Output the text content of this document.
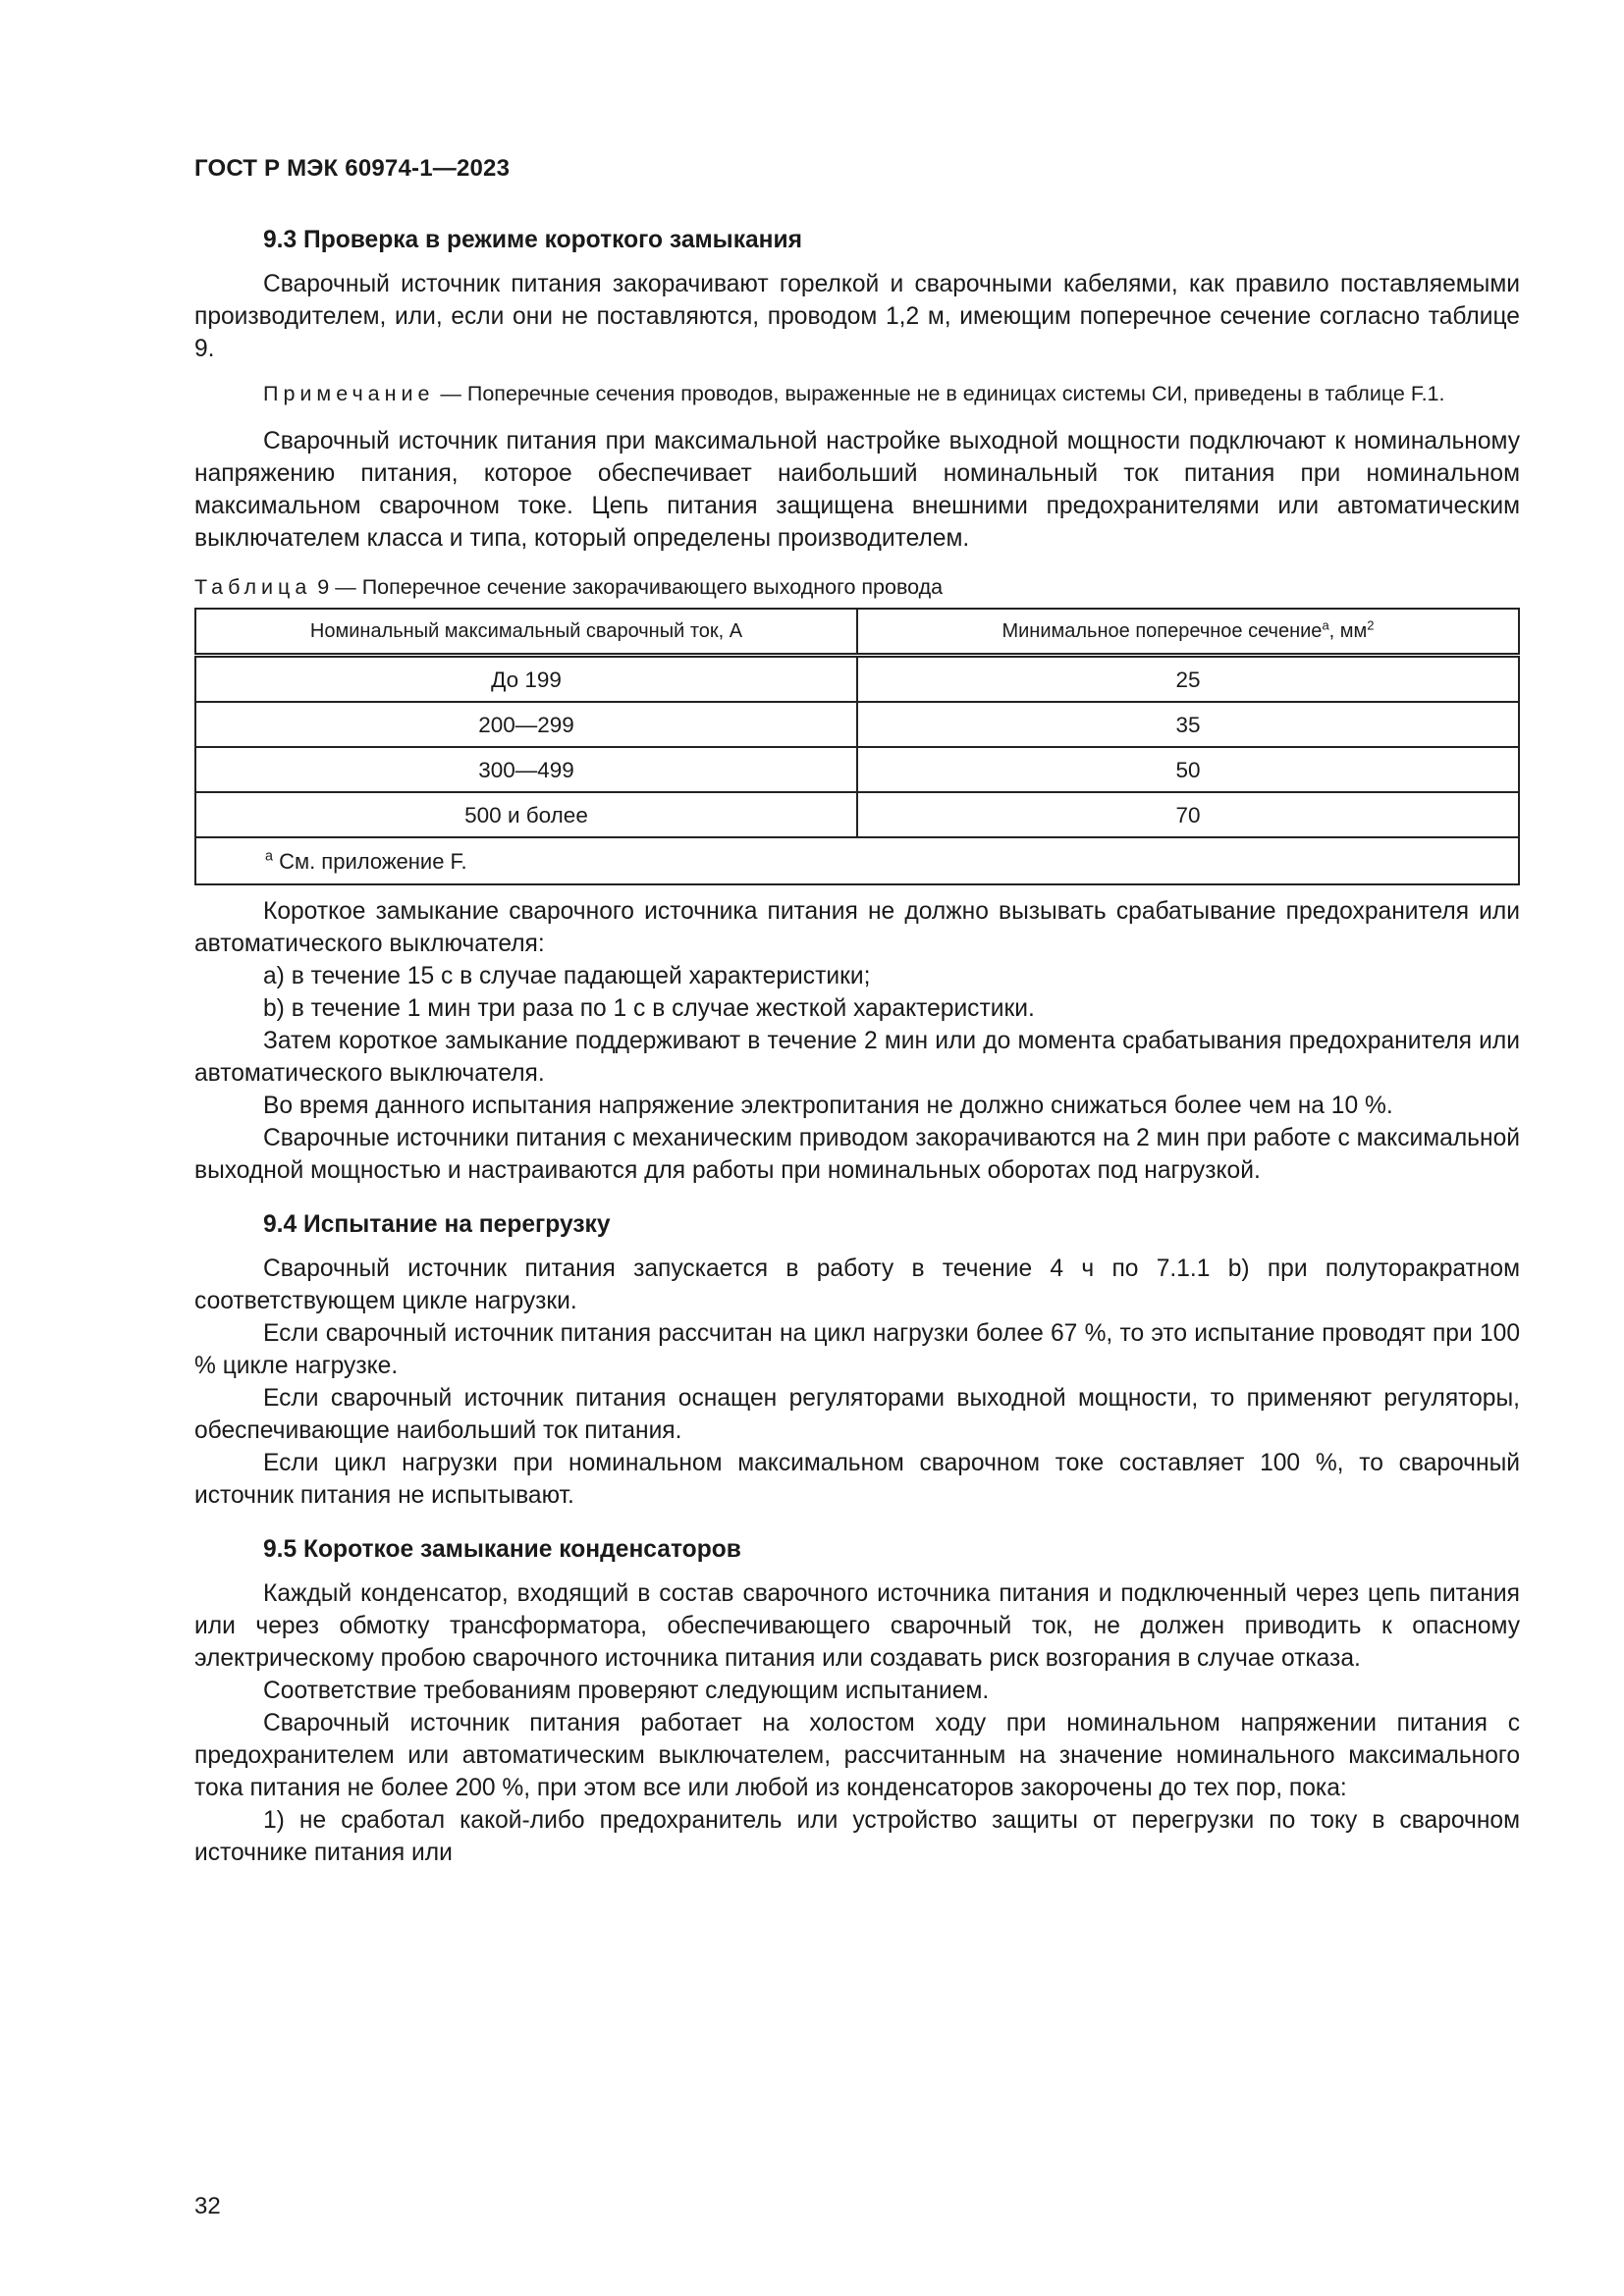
ГОСТ Р МЭК 60974-1—2023
9.3 Проверка в режиме короткого замыкания

Сварочный источник питания закорачивают горелкой и сварочными кабелями, как правило поставляемыми производителем, или, если они не поставляются, проводом 1,2 м, имеющим поперечное сечение согласно таблице 9.

Примечание — Поперечные сечения проводов, выраженные не в единицах системы СИ, приведены в таблице F.1.

Сварочный источник питания при максимальной настройке выходной мощности подключают к номинальному напряжению питания, которое обеспечивает наибольший номинальный ток питания при номинальном максимальном сварочном токе. Цепь питания защищена внешними предохранителями или автоматическим выключателем класса и типа, который определены производителем.

Таблица 9 — Поперечное сечение закорачивающего выходного провода
Номинальный максимальный сварочный ток, А	Минимальное поперечное сечение$^a$, $мм^2$
До 199	25
200—299	35
300—499	50
500 и более	70
$^a$ См. приложение F.	

Короткое замыкание сварочного источника питания не должно вызывать срабатывание предохранителя или автоматического выключателя:

a) в течение 15 с в случае падающей характеристики;

b) в течение 1 мин три раза по 1 с в случае жесткой характеристики.

Затем короткое замыкание поддерживают в течение 2 мин или до момента срабатывания предохранителя или автоматического выключателя.

Во время данного испытания напряжение электропитания не должно снижаться более чем на 10 %.

Сварочные источники питания с механическим приводом закорачиваются на 2 мин при работе с максимальной выходной мощностью и настраиваются для работы при номинальных оборотах под нагрузкой.

9.4 Испытание на перегрузку

Сварочный источник питания запускается в работу в течение 4 ч по 7.1.1 b) при полуторакратном соответствующем цикле нагрузки.

Если сварочный источник питания рассчитан на цикл нагрузки более 67 %, то это испытание проводят при 100 % цикле нагрузке.

Если сварочный источник питания оснащен регуляторами выходной мощности, то применяют регуляторы, обеспечивающие наибольший ток питания.

Если цикл нагрузки при номинальном максимальном сварочном токе составляет 100 %, то сварочный источник питания не испытывают.

9.5 Короткое замыкание конденсаторов

Каждый конденсатор, входящий в состав сварочного источника питания и подключенный через цепь питания или через обмотку трансформатора, обеспечивающего сварочный ток, не должен приводить к опасному электрическому пробою сварочного источника питания или создавать риск возгорания в случае отказа.

Соответствие требованиям проверяют следующим испытанием.

Сварочный источник питания работает на холостом ходу при номинальном напряжении питания с предохранителем или автоматическим выключателем, рассчитанным на значение номинального максимального тока питания не более 200 %, при этом все или любой из конденсаторов закорочены до тех пор, пока:

1) не сработал какой-либо предохранитель или устройство защиты от перегрузки по току в сварочном источнике питания или

32
